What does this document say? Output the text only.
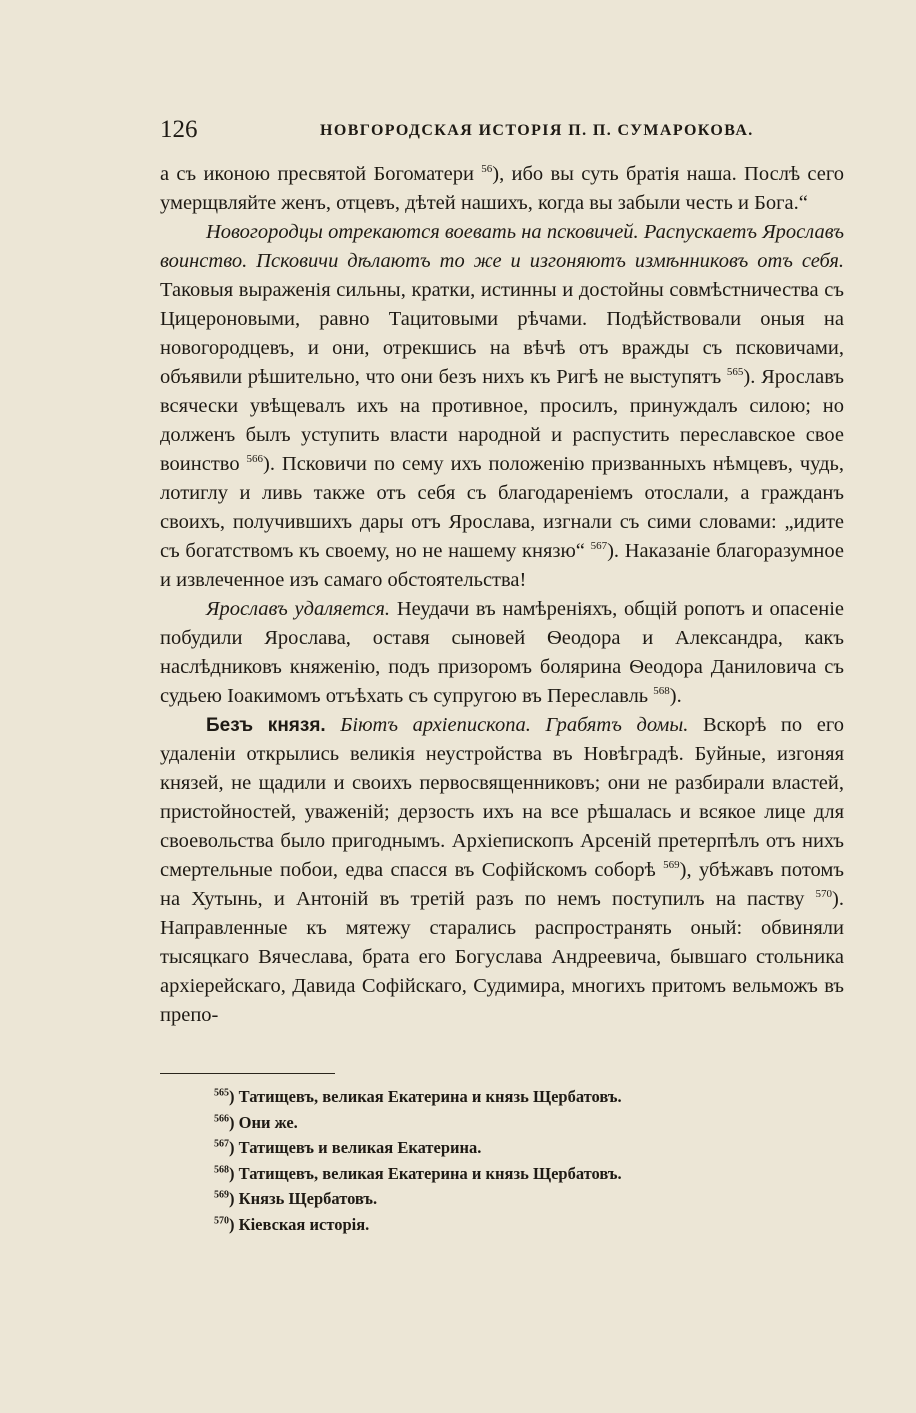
126	НОВГОРОДСКАЯ ИСТОРІЯ П. П. СУМАРОКОВА.

а съ иконою пресвятой Богоматери $^{56}$), ибо вы суть братія наша. Послѣ сего умерщвляйте женъ, отцевъ, дѣтей нашихъ, когда вы забыли честь и Бога.“

Новогородцы отрекаются воевать на псковичей. Распускаетъ Ярославъ воинство. Псковичи дѣлаютъ то же и изгоняютъ измѣнниковъ отъ себя. Таковыя выраженія сильны, кратки, истинны и достойны совмѣстничества съ Цицероновыми, равно Тацитовыми рѣчами. Подѣйствовали оныя на новогородцевъ, и они, отрекшись на вѣчѣ отъ вражды съ псковичами, объявили рѣшительно, что они безъ нихъ къ Ригѣ не выступятъ $^{565}$). Ярославъ всячески увѣщевалъ ихъ на противное, просилъ, принуждалъ силою; но долженъ былъ уступить власти народной и распустить переславское свое воинство $^{566}$). Псковичи по сему ихъ положенію призванныхъ нѣмцевъ, чудь, лотиглу и ливь также отъ себя съ благодареніемъ отослали, а гражданъ своихъ, получившихъ дары отъ Ярослава, изгнали съ сими словами: „идите съ богатствомъ къ своему, но не нашему князю“ $^{567}$). Наказаніе благоразумное и извлеченное изъ самаго обстоятельства!

Ярославъ удаляется. Неудачи въ намѣреніяхъ, общій ропотъ и опасеніе побудили Ярослава, оставя сыновей Ѳеодора и Александра, какъ наслѣдниковъ княженію, подъ призоромъ болярина Ѳеодора Даниловича съ судьею Іоакимомъ отъѣхать съ супругою въ Переславль $^{568}$).

Безъ князя. Біютъ архіепископа. Грабятъ домы. Вскорѣ по его удаленіи открылись великія неустройства въ Новѣградѣ. Буйные, изгоняя князей, не щадили и своихъ первосвященниковъ; они не разбирали властей, пристойностей, уваженій; дерзость ихъ на все рѣшалась и всякое лице для своевольства было пригоднымъ. Архіепископъ Арсеній претерпѣлъ отъ нихъ смертельные побои, едва спасся въ Софійскомъ соборѣ $^{569}$), убѣжавъ потомъ на Хутынь, и Антоній въ третій разъ по немъ поступилъ на паству $^{570}$). Направленные къ мятежу старались распространять оный: обвиняли тысяцкаго Вячеслава, брата его Богуслава Андреевича, бывшаго стольника архіерейскаго, Давида Софійскаго, Судимира, многихъ притомъ вельможъ въ препо-

$^{565}$) Татищевъ, великая Екатерина и князь Щербатовъ.
$^{566}$) Они же.
$^{567}$) Татищевъ и великая Екатерина.
$^{568}$) Татищевъ, великая Екатерина и князь Щербатовъ.
$^{569}$) Князь Щербатовъ.
$^{570}$) Кіевская исторія.
